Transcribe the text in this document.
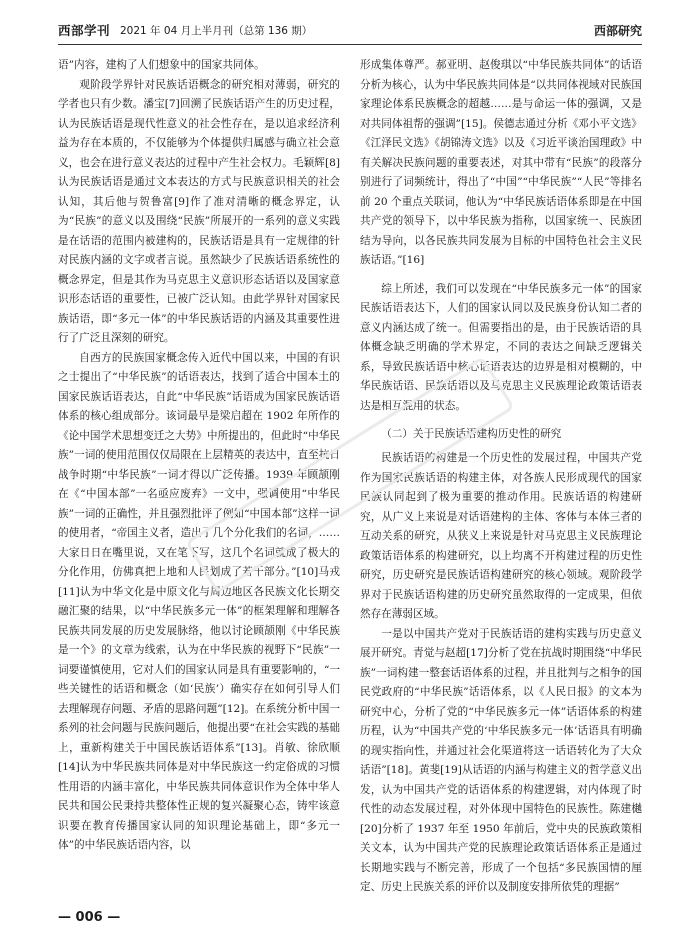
西部学刊 2021 年 04 月上半月刊（总第 136 期）	西部研究

语”内容，建构了人们想象中的国家共同体。

观阶段学界针对民族话语概念的研究相对薄弱，研究的学者也只有少数。潘宝[7]回溯了民族话语产生的历史过程，认为民族话语是现代性意义的社会性存在，是以追求经济利益为存在本质的，不仅能够为个体提供归属感与确立社会意义，也会在进行意义表达的过程中产生社会权力。毛颖辉[8]认为民族话语是通过文本表达的方式与民族意识相关的社会认知，其后他与贺鲁富[9]作了准对清晰的概念界定，认为“民族”的意义以及围绕“民族”所展开的一系列的意义实践是在话语的范围内被建构的，民族话语是具有一定规律的针对民族内涵的文字或者言说。虽然缺少了民族话语系统性的概念界定，但是其作为马克思主义意识形态话语以及国家意识形态话语的重要性，已被广泛认知。由此学界针对国家民族话语，即“多元一体”的中华民族话语的内涵及其重要性进行了广泛且深刻的研究。

自西方的民族国家概念传入近代中国以来，中国的有识之士提出了“中华民族”的话语表达，找到了适合中国本土的国家民族话语表达，自此“中华民族”话语成为国家民族话语体系的核心组成部分。该词最早是梁启超在 1902 年所作的《论中国学术思想变迁之大势》中所提出的，但此时“中华民族”一词的使用范围仅仅局限在上层精英的表达中，直至抗日战争时期“中华民族”一词才得以广泛传播。1939 年顾颉刚在《“中国本部”一名亟应废弃》一文中，强调使用“中华民族”一词的正确性，并且强烈批评了例如“中国本部”这样一词的使用者，“帝国主义者，造出了几个分化我们的名词，……大家日日在嘴里说，又在笔下写，这几个名词就成了极大的分化作用，仿佛真把上地和人民划成了若干部分。”[10]马戎[11]认为中华文化是中原文化与周边地区各民族文化长期交融汇聚的结果，以“中华民族多元一体”的框架理解和理解各民族共同发展的历史发展脉络，他以讨论顾颉刚《中华民族是一个》的文章为线索，认为在中华民族的视野下“民族”一词要谨慎使用，它对人们的国家认同是具有重要影响的，“一些关键性的话语和概念（如‘民族’）确实存在如何引导人们去理解现存问题、矛盾的思路问题”[12]。在系统分析中国一系列的社会问题与民族问题后，他提出要“在社会实践的基础上，重新构建关于中国民族话语体系”[13]。肖敏、徐欣顺[14]认为中华民族共同体是对中华民族这一约定俗成的习惯性用语的内涵丰富化，中华民族共同体意识作为全体中华人民共和国公民秉持共整体性正规的复兴凝聚心态，铸牢该意识要在教育传播国家认同的知识理论基础上，即“多元一体”的中华民族话语内容，以

形成集体尊严。郝亚明、赵俊琪以“中华民族共同体”的话语分析为核心，认为中华民族共同体是“以共同体视域对民族国家理论体系民族概念的超越……是与命运一体的强调，又是对共同体祖帮的强调”[15]。侯德志通过分析《邓小平文选》《江泽民文选》《胡锦涛文选》以及《习近平谈治国理政》中有关解决民族问题的重要表述，对其中带有“民族”的段落分别进行了词频统计，得出了“中国”“中华民族”“人民”等排名前 20 个重点关联词，他认为“中华民族话语体系即是在中国共产党的领导下，以中华民族为指称，以国家统一、民族团结为导向，以各民族共同发展为目标的中国特色社会主义民族话语。”[16]

综上所述，我们可以发现在“中华民族多元一体”的国家民族话语表达下，人们的国家认同以及民族身份认知二者的意义内涵达成了统一。但需要指出的是，由于民族话语的具体概念缺乏明确的学术界定，不同的表达之间缺乏逻辑关系，导致民族话语中核心话语表达的边界是相对模糊的，中华民族话语、民族话语以及马克思主义民族理论政策话语表达是相互混用的状态。

（二）关于民族话语建构历史性的研究

民族话语的构建是一个历史性的发展过程，中国共产党作为国家民族话语的构建主体，对各族人民形成现代的国家民族认同起到了极为重要的推动作用。民族话语的构建研究，从广义上来说是对话语建构的主体、客体与本体三者的互动关系的研究，从狭义上来说是针对马克思主义民族理论政策话语体系的构建研究，以上均离不开构建过程的历史性研究，历史研究是民族话语构建研究的核心领域。观阶段学界对于民族话语构建的历史研究虽然取得的一定成果，但依然存在薄弱区域。

一是以中国共产党对于民族话语的建构实践与历史意义展开研究。青觉与赵超[17]分析了党在抗战时期围绕“中华民族”一词构建一整套话语体系的过程，并且批判与之相争的国民党政府的“中华民族”话语体系，以《人民日报》的文本为研究中心，分析了党的“中华民族多元一体”话语体系的构建历程，认为“中国共产党的‘中华民族多元一体’话语具有明确的现实指向性，并通过社会化渠道将这一话语转化为了大众话语”[18]。黄斐[19]从话语的内涵与构建主义的哲学意义出发，认为中国共产党的话语体系的构建逻辑，对内体现了时代性的动态发展过程，对外体现中国特色的民族性。陈建樾[20]分析了 1937 年至 1950 年前后，党中央的民族政策相关文本，认为中国共产党的民族理论政策话语体系正是通过长期地实践与不断完善，形成了一个包括“多民族国情的厘定、历史上民族关系的评价以及制度安排所依凭的理据”

— 006 —
